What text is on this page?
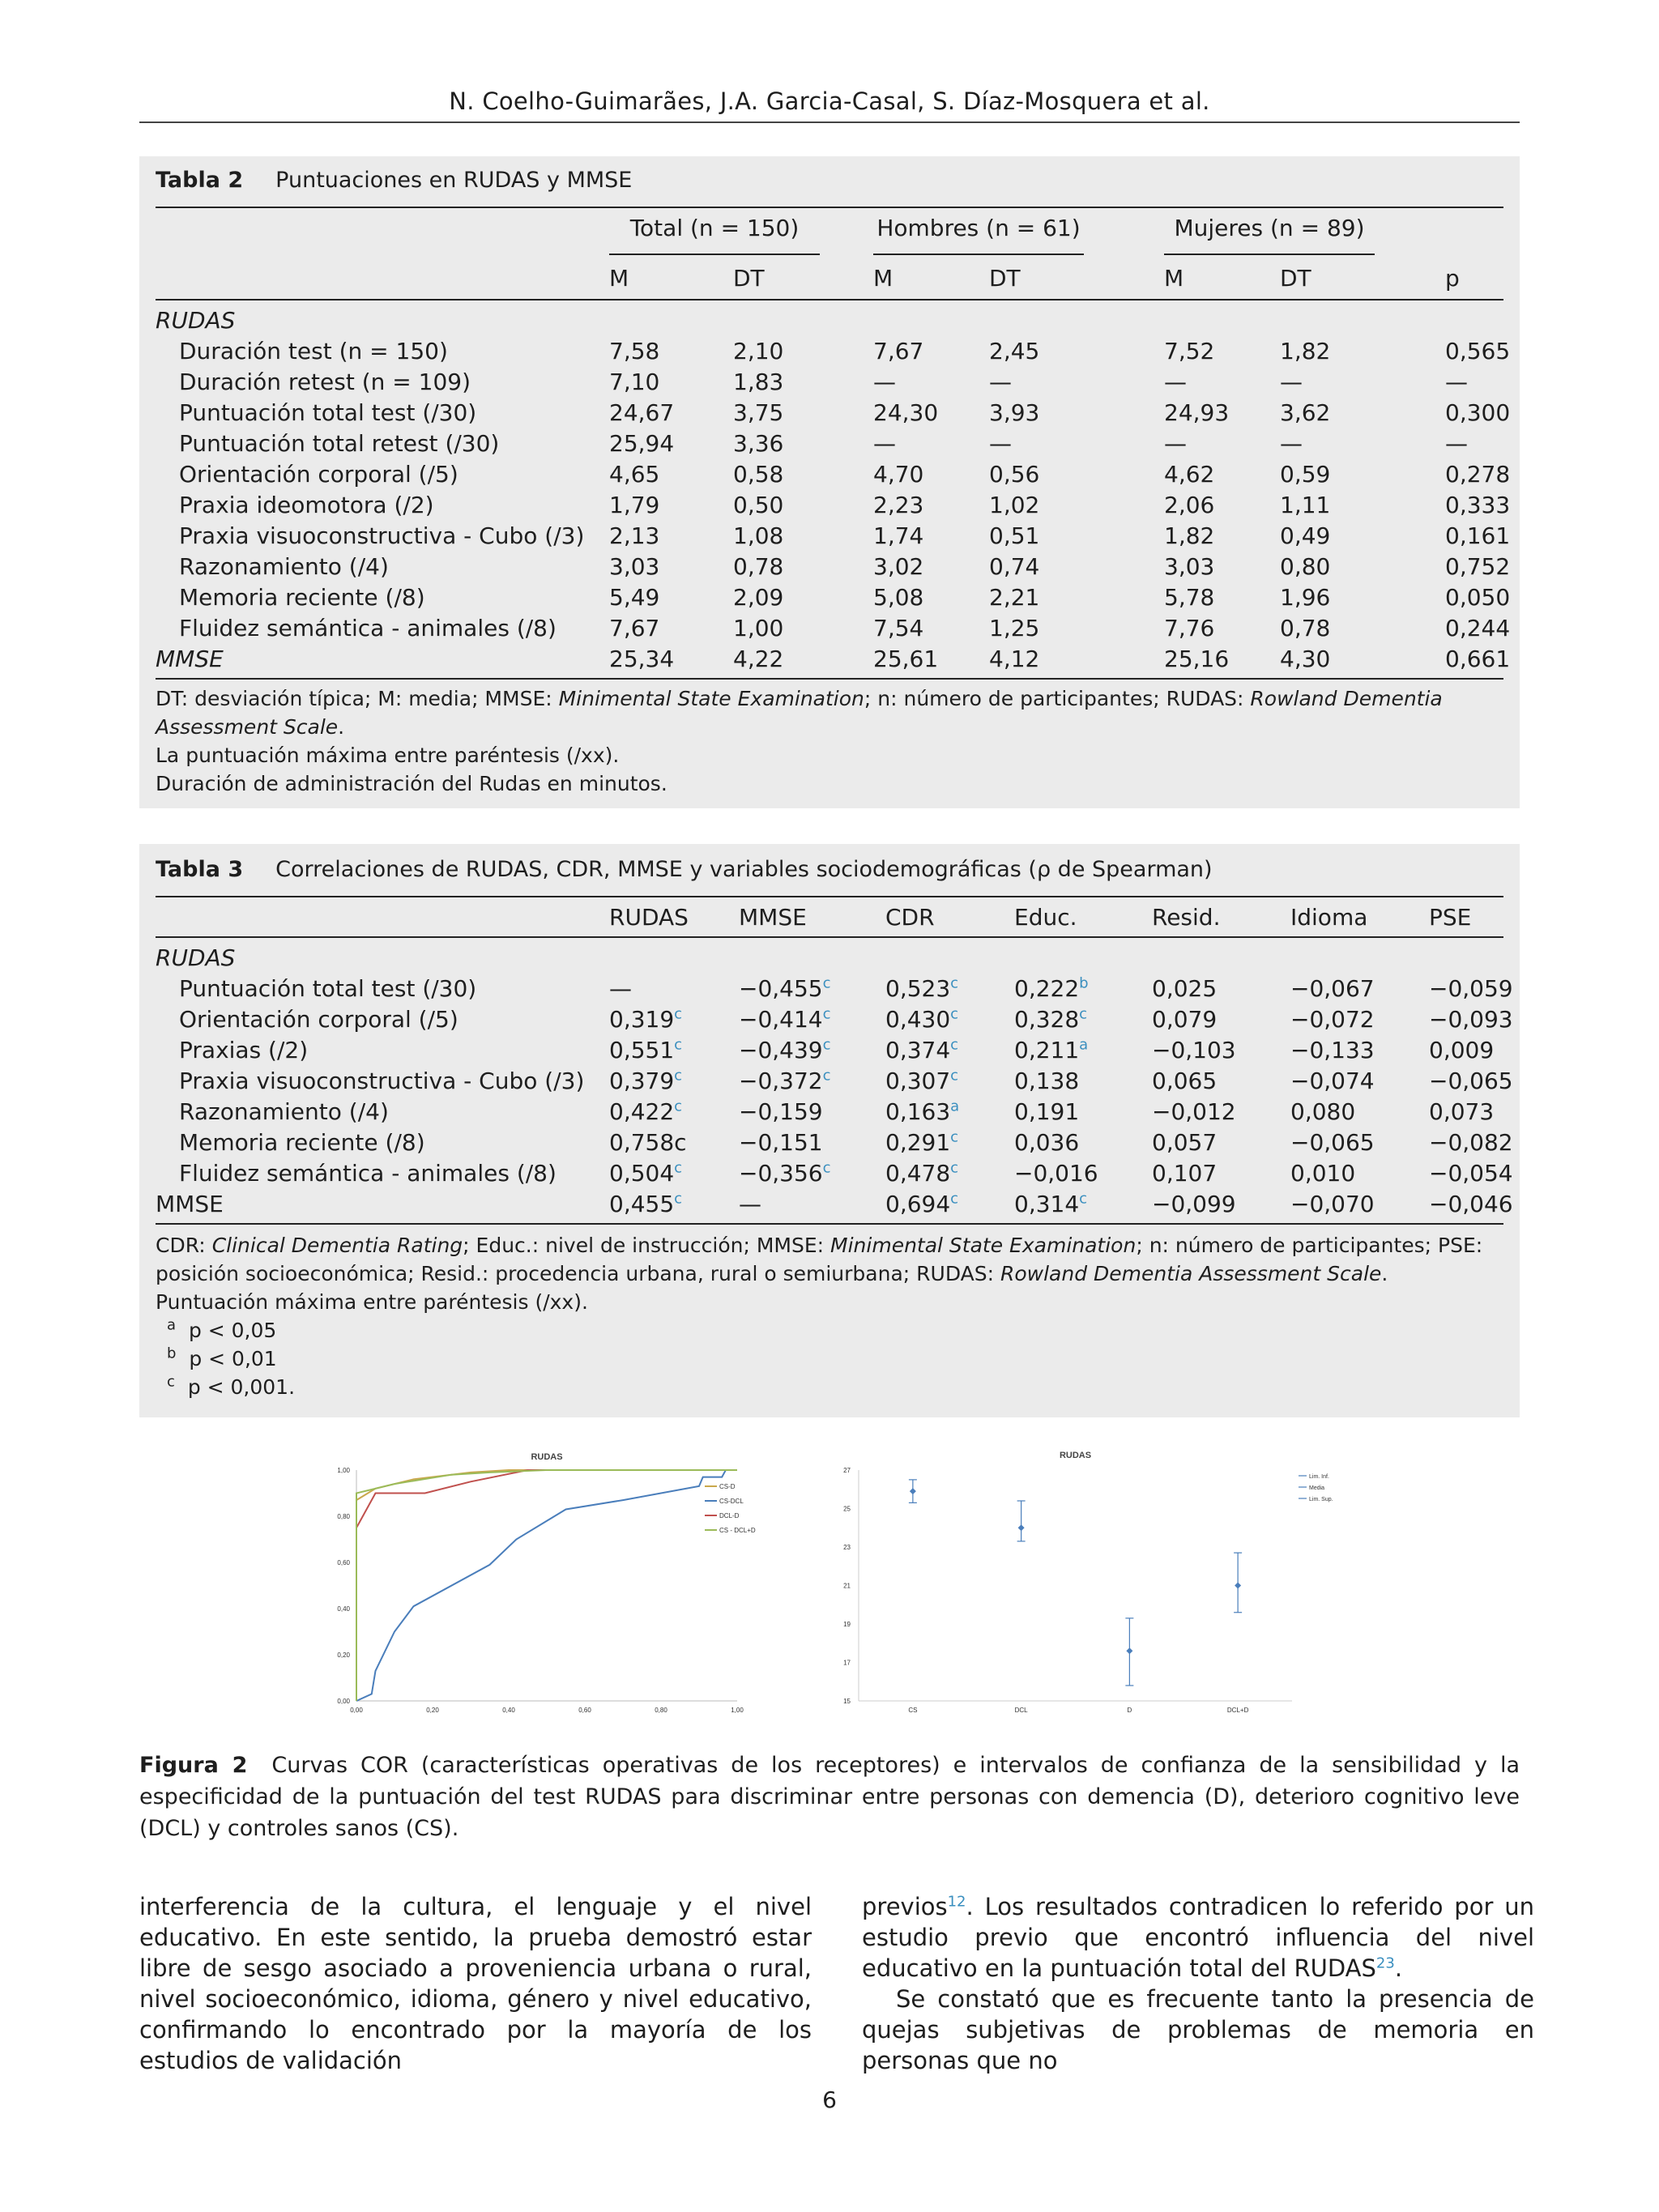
N. Coelho-Guimarães, J.A. Garcia-Casal, S. Díaz-Mosquera et al.
Tabla 2 Puntuaciones en RUDAS y MMSE
Total (n = 150)	Hombres (n = 61)	Mujeres (n = 89)
M	DT	M	DT	M	DT	p
RUDAS
Duración test (n = 150)	7,58	2,10	7,67	2,45	7,52	1,82	0,565
Duración retest (n = 109)	7,10	1,83	—	—	—	—	—
Puntuación total test (/30)	24,67	3,75	24,30 3,93	24,93 3,62	0,300
Puntuación total retest (/30)	25,94	3,36	—	—	—	—	—
Orientación corporal (/5)	4,65	0,58	4,70	0,56	4,62	0,59	0,278
Praxia ideomotora (/2)	1,79	0,50	2,23	1,02	2,06	1,11	0,333
Praxia visuoconstructiva - Cubo (/3) 2,13	1,08	1,74	0,51	1,82	0,49	0,161
Razonamiento (/4)	3,03	0,78	3,02	0,74	3,03	0,80	0,752
Memoria reciente (/8)	5,49	2,09	5,08	2,21	5,78	1,96	0,050
Fluidez semántica - animales (/8) 7,67	1,00	7,54	1,25	7,76	0,78	0,244
MMSE	25,34	4,22	25,61 4,12	25,16 4,30	0,661
DT: desviación típica; M: media; MMSE: Minimental State Examination; n: número de participantes; RUDAS: Rowland Dementia Assessment Scale.
La puntuación máxima entre paréntesis (/xx).
Duración de administración del Rudas en minutos.
Tabla 3 Correlaciones de RUDAS, CDR, MMSE y variables sociodemográficas (ρ de Spearman)
RUDAS MMSE	CDR	Educ.	Resid.	Idioma	PSE
RUDAS
Puntuación total test (/30)	—	−0,455$^c$ 0,523$^c$ 0,222$^b$	0,025	−0,067 −0,059
Orientación corporal (/5)	0,319$^c$ −0,414$^c$ 0,430$^c$ 0,328$^c$	0,079	−0,072 −0,093
Praxias (/2)	0,551$^c$ −0,439$^c$ 0,374$^c$ 0,211$^a$	−0,103 −0,133 0,009
Praxia visuoconstructiva - Cubo (/3) 0,379$^c$ −0,372$^c$ 0,307$^c$ 0,138	0,065	−0,074 −0,065
Razonamiento (/4)	0,422$^c$ −0,159	0,163$^a$ 0,191	−0,012 0,080	0,073
Memoria reciente (/8)	0,758c −0,151	0,291$^c$ 0,036	0,057	−0,065 −0,082
Fluidez semántica - animales (/8) 0,504$^c$ −0,356$^c$ 0,478$^c$ −0,016 0,107	0,010	−0,054
MMSE	0,455$^c$ —	0,694$^c$ 0,314$^c$	−0,099 −0,070 −0,046
CDR: Clinical Dementia Rating; Educ.: nivel de instrucción; MMSE: Minimental State Examination; n: número de participantes; PSE: posición socioeconómica; Resid.: procedencia urbana, rural o semiurbana; RUDAS: Rowland Dementia Assessment Scale.
Puntuación máxima entre paréntesis (/xx).
$^a$ p < 0,05
$^b$ p < 0,01
$^c$ p < 0,001.
RUDAS
0,00
0,20
0,40
0,60
0,80
1,00
0,00	0,20	0,40	0,60	0,80	1,00
CS-D
CS-DCL
DCL-D
CS - DCL+D
RUDAS
15
17
19
21
23
25
27
CS	DCL	D	DCL+D
Lim. Inf.
Media
Lim. Sup.
Figura 2 Curvas COR (características operativas de los receptores) e intervalos de confianza de la sensibilidad y la especificidad de la puntuación del test RUDAS para discriminar entre personas con demencia (D), deterioro cognitivo leve (DCL) y controles sanos (CS).

interferencia de la cultura, el lenguaje y el nivel educativo. En este sentido, la prueba demostró estar libre de sesgo asociado a proveniencia urbana o rural, nivel socioeconómico, idioma, género y nivel educativo, confirmando lo encontrado por la mayoría de los estudios de validación

previos$^{12}$. Los resultados contradicen lo referido por un estudio previo que encontró influencia del nivel educativo en la puntuación total del RUDAS$^{23}$.

Se constató que es frecuente tanto la presencia de quejas subjetivas de problemas de memoria en personas que no

6
